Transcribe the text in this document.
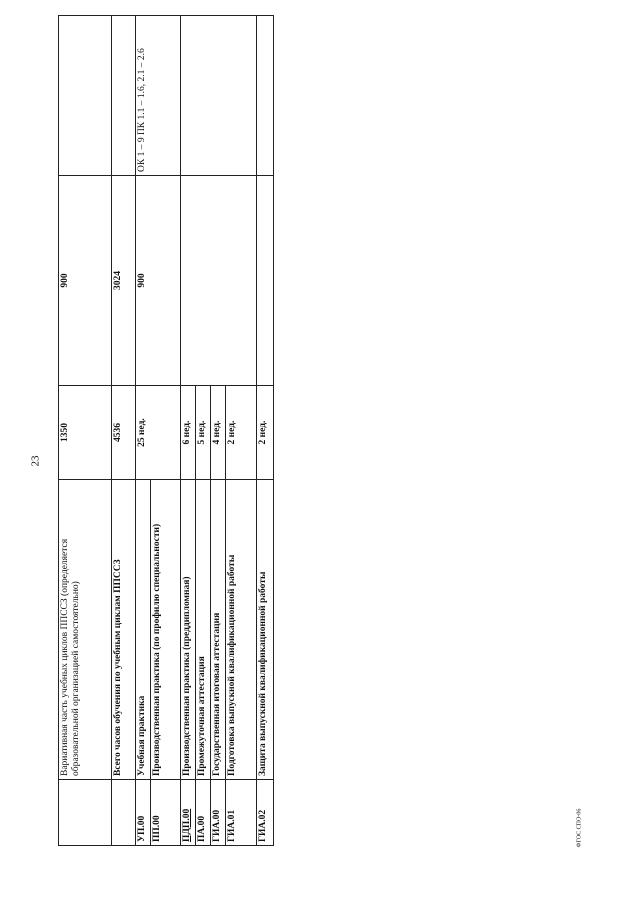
23
	Вариативная часть учебных циклов ППССЗ (определяется образовательной организацией самостоятельно)	1350	900	
	Всего часов обучения по учебным циклам ППССЗ	4536	3024	
УП.00	Учебная практика	25 нед.	900	ОК 1 – 9 ПК 1.1 – 1.6, 2.1 – 2.6
ПП.00	Производственная практика (по профилю специальности)			
ПДП.00	Производственная практика (преддипломная)	6 нед.		
ПА.00	Промежуточная аттестация	5 нед.		
ГИА.00	Государственная итоговая аттестация	4 нед.		
ГИА.01	Подготовка выпускной квалификационной работы	2 нед.		
ГИА.02	Защита выпускной квалификационной работы	2 нед.		
ФГОС СПО-06
